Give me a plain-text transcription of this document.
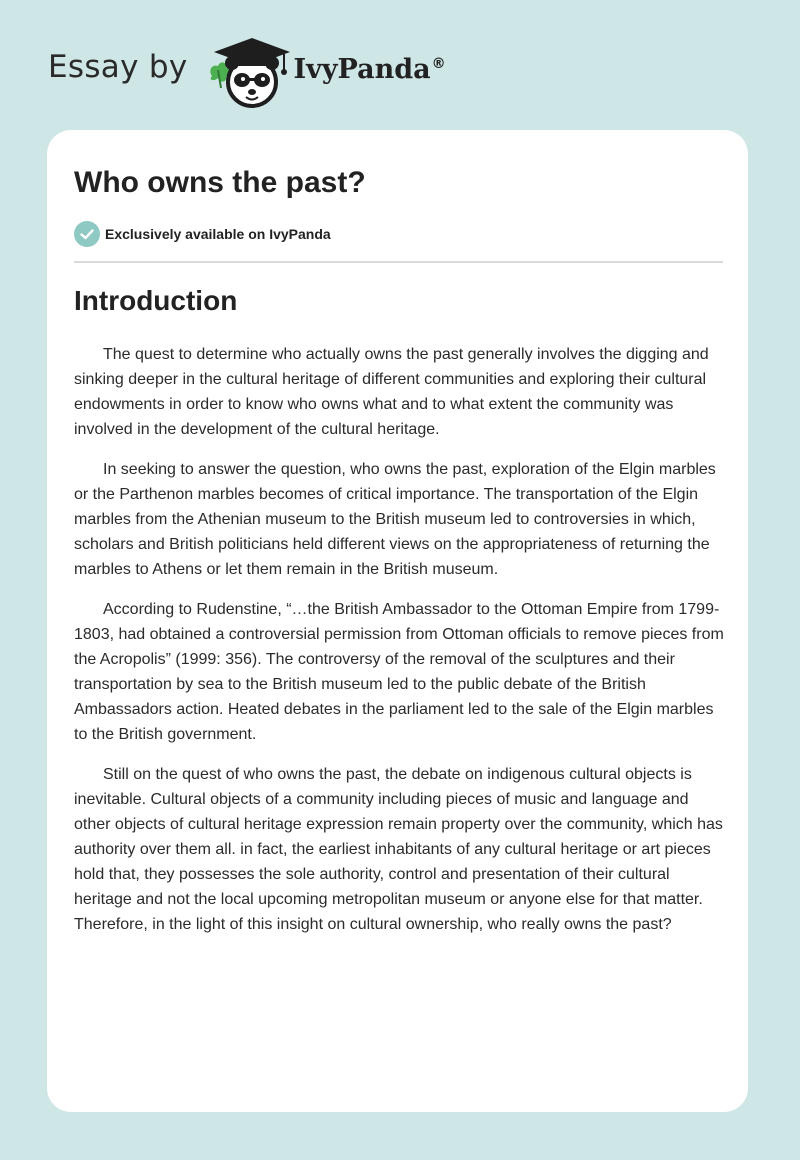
Essay by	IvyPanda®
Who owns the past?
Exclusively available on IvyPanda
Introduction

The quest to determine who actually owns the past generally involves the digging and sinking deeper in the cultural heritage of different communities and exploring their cultural endowments in order to know who owns what and to what extent the community was involved in the development of the cultural heritage.

In seeking to answer the question, who owns the past, exploration of the Elgin marbles or the Parthenon marbles becomes of critical importance. The transportation of the Elgin marbles from the Athenian museum to the British museum led to controversies in which, scholars and British politicians held different views on the appropriateness of returning the marbles to Athens or let them remain in the British museum.

According to Rudenstine, “…the British Ambassador to the Ottoman Empire from 1799-1803, had obtained a controversial permission from Ottoman officials to remove pieces from the Acropolis” (1999: 356). The controversy of the removal of the sculptures and their transportation by sea to the British museum led to the public debate of the British Ambassadors action. Heated debates in the parliament led to the sale of the Elgin marbles to the British government.

Still on the quest of who owns the past, the debate on indigenous cultural objects is inevitable. Cultural objects of a community including pieces of music and language and other objects of cultural heritage expression remain property over the community, which has authority over them all. in fact, the earliest inhabitants of any cultural heritage or art pieces hold that, they possesses the sole authority, control and presentation of their cultural heritage and not the local upcoming metropolitan museum or anyone else for that matter. Therefore, in the light of this insight on cultural ownership, who really owns the past?
